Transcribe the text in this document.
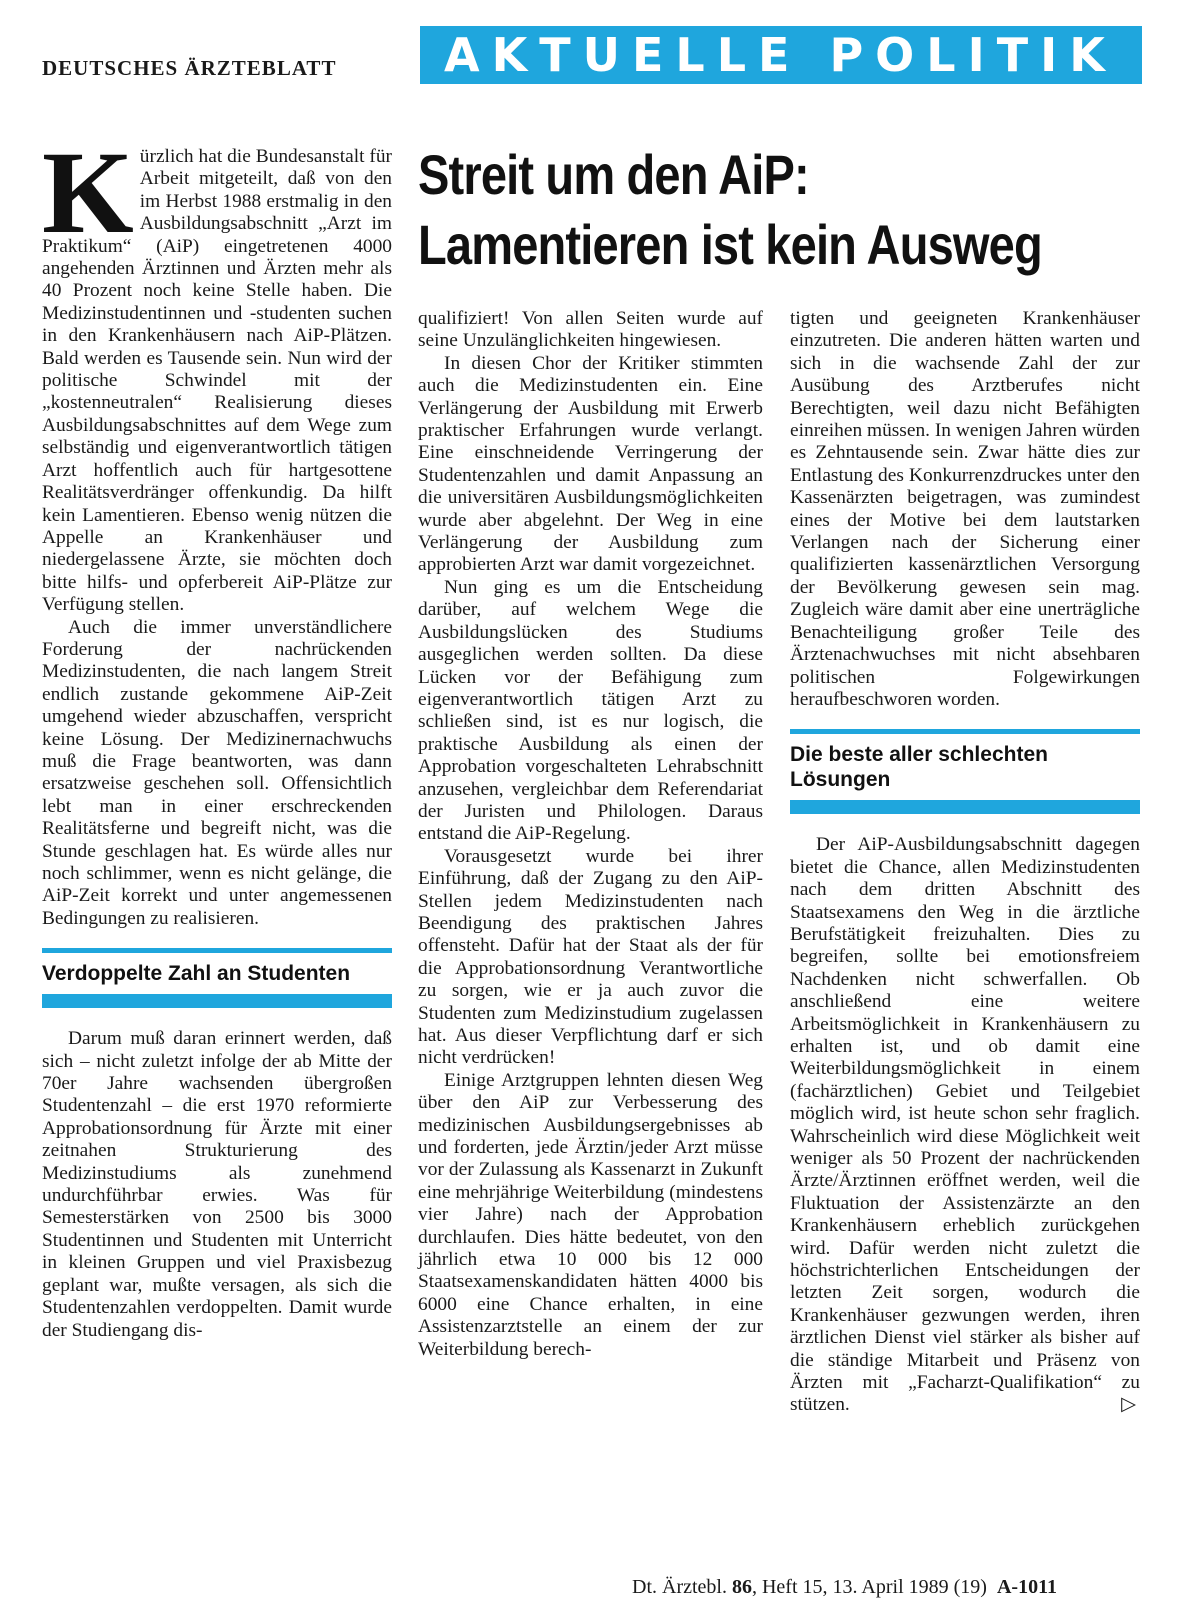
DEUTSCHES ÄRZTEBLATT	AKTUELLE POLITIK
Streit um den AiP:
Lamentieren ist kein Ausweg

Kürzlich hat die Bundesanstalt für Arbeit mitgeteilt, daß von den im Herbst 1988 erstmalig in den Ausbildungsabschnitt „Arzt im Praktikum“ (AiP) eingetretenen 4000 angehenden Ärztinnen und Ärzten mehr als 40 Prozent noch keine Stelle haben. Die Medizinstudentinnen und -studenten suchen in den Krankenhäusern nach AiP-Plätzen. Bald werden es Tausende sein. Nun wird der politische Schwindel mit der „kostenneutralen“ Realisierung dieses Ausbildungsabschnittes auf dem Wege zum selbständig und eigenverantwortlich tätigen Arzt hoffentlich auch für hartgesottene Realitätsverdränger offenkundig. Da hilft kein Lamentieren. Ebenso wenig nützen die Appelle an Krankenhäuser und niedergelassene Ärzte, sie möchten doch bitte hilfs- und opferbereit AiP-Plätze zur Verfügung stellen.

Auch die immer unverständlichere Forderung der nachrückenden Medizinstudenten, die nach langem Streit endlich zustande gekommene AiP-Zeit umgehend wieder abzuschaffen, verspricht keine Lösung. Der Medizinernachwuchs muß die Frage beantworten, was dann ersatzweise geschehen soll. Offensichtlich lebt man in einer erschreckenden Realitätsferne und begreift nicht, was die Stunde geschlagen hat. Es würde alles nur noch schlimmer, wenn es nicht gelänge, die AiP-Zeit korrekt und unter angemessenen Bedingungen zu realisieren.

Verdoppelte Zahl an Studenten

Darum muß daran erinnert werden, daß sich – nicht zuletzt infolge der ab Mitte der 70er Jahre wachsenden übergroßen Studentenzahl – die erst 1970 reformierte Approbationsordnung für Ärzte mit einer zeitnahen Strukturierung des Medizinstudiums als zunehmend undurchführbar erwies. Was für Semesterstärken von 2500 bis 3000 Studentinnen und Studenten mit Unterricht in kleinen Gruppen und viel Praxisbezug geplant war, mußte versagen, als sich die Studentenzahlen verdoppelten. Damit wurde der Studiengang dis-

qualifiziert! Von allen Seiten wurde auf seine Unzulänglichkeiten hingewiesen.

In diesen Chor der Kritiker stimmten auch die Medizinstudenten ein. Eine Verlängerung der Ausbildung mit Erwerb praktischer Erfahrungen wurde verlangt. Eine einschneidende Verringerung der Studentenzahlen und damit Anpassung an die universitären Ausbildungsmöglichkeiten wurde aber abgelehnt. Der Weg in eine Verlängerung der Ausbildung zum approbierten Arzt war damit vorgezeichnet.

Nun ging es um die Entscheidung darüber, auf welchem Wege die Ausbildungslücken des Studiums ausgeglichen werden sollten. Da diese Lücken vor der Befähigung zum eigenverantwortlich tätigen Arzt zu schließen sind, ist es nur logisch, die praktische Ausbildung als einen der Approbation vorgeschalteten Lehrabschnitt anzusehen, vergleichbar dem Referendariat der Juristen und Philologen. Daraus entstand die AiP-Regelung.

Vorausgesetzt wurde bei ihrer Einführung, daß der Zugang zu den AiP-Stellen jedem Medizinstudenten nach Beendigung des praktischen Jahres offensteht. Dafür hat der Staat als der für die Approbationsordnung Verantwortliche zu sorgen, wie er ja auch zuvor die Studenten zum Medizinstudium zugelassen hat. Aus dieser Verpflichtung darf er sich nicht verdrücken!

Einige Arztgruppen lehnten diesen Weg über den AiP zur Verbesserung des medizinischen Ausbildungsergebnisses ab und forderten, jede Ärztin/jeder Arzt müsse vor der Zulassung als Kassenarzt in Zukunft eine mehrjährige Weiterbildung (mindestens vier Jahre) nach der Approbation durchlaufen. Dies hätte bedeutet, von den jährlich etwa 10 000 bis 12 000 Staatsexamenskandidaten hätten 4000 bis 6000 eine Chance erhalten, in eine Assistenzarztstelle an einem der zur Weiterbildung berech-

tigten und geeigneten Krankenhäuser einzutreten. Die anderen hätten warten und sich in die wachsende Zahl der zur Ausübung des Arztberufes nicht Berechtigten, weil dazu nicht Befähigten einreihen müssen. In wenigen Jahren würden es Zehntausende sein. Zwar hätte dies zur Entlastung des Konkurrenzdruckes unter den Kassenärzten beigetragen, was zumindest eines der Motive bei dem lautstarken Verlangen nach der Sicherung einer qualifizierten kassenärztlichen Versorgung der Bevölkerung gewesen sein mag. Zugleich wäre damit aber eine unerträgliche Benachteiligung großer Teile des Ärztenachwuchses mit nicht absehbaren politischen Folgewirkungen heraufbeschworen worden.

Die beste aller schlechten Lösungen

Der AiP-Ausbildungsabschnitt dagegen bietet die Chance, allen Medizinstudenten nach dem dritten Abschnitt des Staatsexamens den Weg in die ärztliche Berufstätigkeit freizuhalten. Dies zu begreifen, sollte bei emotionsfreiem Nachdenken nicht schwerfallen. Ob anschließend eine weitere Arbeitsmöglichkeit in Krankenhäusern zu erhalten ist, und ob damit eine Weiterbildungsmöglichkeit in einem (fachärztlichen) Gebiet und Teilgebiet möglich wird, ist heute schon sehr fraglich. Wahrscheinlich wird diese Möglichkeit weit weniger als 50 Prozent der nachrückenden Ärzte/Ärztinnen eröffnet werden, weil die Fluktuation der Assistenzärzte an den Krankenhäusern erheblich zurückgehen wird. Dafür werden nicht zuletzt die höchstrichterlichen Entscheidungen der letzten Zeit sorgen, wodurch die Krankenhäuser gezwungen werden, ihren ärztlichen Dienst viel stärker als bisher auf die ständige Mitarbeit und Präsenz von Ärzten mit „Facharzt-Qualifikation“ zu stützen.	▷

Dt. Ärztebl. 86, Heft 15, 13. April 1989 (19) A-1011
